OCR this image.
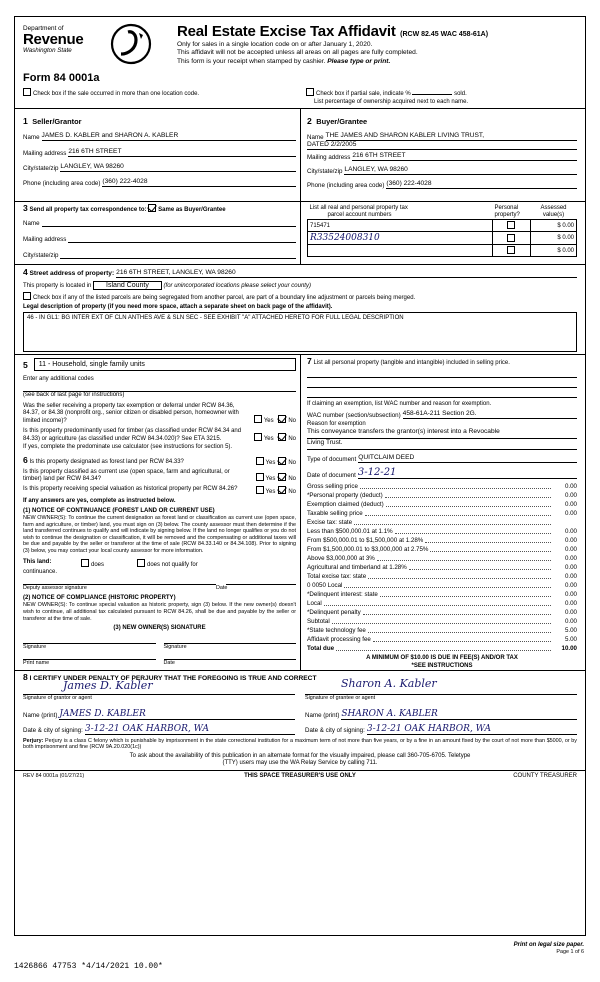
Department of
Revenue
Washington State
Real Estate Excise Tax Affidavit (RCW 82.45 WAC 458-61A)
Only for sales in a single location code on or after January 1, 2020.
This affidavit will not be accepted unless all areas on all pages are fully completed.
This form is your receipt when stamped by cashier. Please type or print.
Form 84 0001a
Check box if the sale occurred in more than one location code.	Check box if partial sale, indicate %	sold.
List percentage of ownership acquired next to each name.
1 Seller/Grantor
Name JAMES D. KABLER and SHARON A. KABLER
Mailing address 216 6TH STREET
City/state/zip LANGLEY, WA 98260
Phone (including area code) (360) 222-4028
2 Buyer/Grantee
Name THE JAMES AND SHARON KABLER LIVING TRUST,
DATED 2/2/2005
Mailing address 216 6TH STREET
City/state/zip LANGLEY, WA 98260
Phone (including area code) (360) 222-4028
3 Send all property tax correspondence to: Same as Buyer/Grantee
Name
Mailing address
City/state/zip
List all real and personal property tax
parcel account numbers	Personal
property?	Assessed
value(s)
715471		$ 0.00
R33524008310		$ 0.00
		$ 0.00
4 Street address of property: 216 6TH STREET, LANGLEY, WA 98260
This property is located in Island County (for unincorporated locations please select your county)
Check box if any of the listed parcels are being segregated from another parcel, are part of a boundary line adjustment or parcels being merged.
Legal description of property (if you need more space, attach a separate sheet on back page of the affidavit).
46 - IN GL1: BG INTER EXT OF CLN ANTHES AVE & SLN SEC - SEE EXHIBIT "A" ATTACHED HERETO FOR FULL LEGAL DESCRIPTION
5	11 - Household, single family units
Enter any additional codes
(see back of last page for instructions)
Was the seller receiving a property tax exemption or deferral under RCW 84.36, 84.37, or 84.38 (nonprofit org., senior citizen or disabled person, homeowner with limited income)?	Yes No
Is this property predominantly used for timber (as classified under RCW 84.34 and 84.33) or agriculture (as classified under RCW 84.34.020)? See ETA 3215.	Yes No
If yes, complete the predominate use calculator (see instructions for section 5).
6 Is this property designated as forest land per RCW 84.33?	Yes No
Is this property classified as current use (open space, farm and agricultural, or timber) land per RCW 84.34?	Yes No
Is this property receiving special valuation as historical property per RCW 84.26?	Yes No
If any answers are yes, complete as instructed below.
(1) NOTICE OF CONTINUANCE (FOREST LAND OR CURRENT USE)
NEW OWNER(S): To continue the current designation as forest land or classification as current use (open space, farm and agriculture, or timber) land, you must sign on (3) below. The county assessor must then determine if the land transferred continues to qualify and will indicate by signing below. If the land no longer qualifies or you do not wish to continue the designation or classification, it will be removed and the compensating or additional taxes will be due and payable by the seller or transferor at the time of sale (RCW 84.33.140 or 84.34.108). Prior to signing (3) below, you may contact your local county assessor for more information.
This land:	does	does not qualify for
continuance.
Deputy assessor signature	Date
(2) NOTICE OF COMPLIANCE (HISTORIC PROPERTY)
NEW OWNER(S): To continue special valuation as historic property, sign (3) below. If the new owner(s) doesn't wish to continue, all additional tax calculated pursuant to RCW 84.26, shall be due and payable by the seller or transferor at the time of sale.
(3) NEW OWNER(S) SIGNATURE
Signature	Signature
Print name	Date
7 List all personal property (tangible and intangible) included in selling price.
If claiming an exemption, list WAC number and reason for exemption.
WAC number (section/subsection) 458-61A-211 Section 2G.
Reason for exemption
This conveyance transfers the grantor(s) interest into a Revocable
Living Trust.
Type of document QUITCLAIM DEED
Date of document 3-12-21
Gross selling price	0.00
*Personal property (deduct)	0.00
Exemption claimed (deduct)	0.00
Taxable selling price	0.00
Excise tax: state
Less than $500,000.01 at 1.1%	0.00
From $500,000.01 to $1,500,000 at 1.28%	0.00
From $1,500,000.01 to $3,000,000 at 2.75%	0.00
Above $3,000,000 at 3%	0.00
Agricultural and timberland at 1.28%	0.00
Total excise tax: state	0.00
0 0050 Local	0.00
*Delinquent interest: state	0.00
Local	0.00
*Delinquent penalty	0.00
Subtotal	0.00
*State technology fee	5.00
Affidavit processing fee	5.00
Total due	10.00
A MINIMUM OF $10.00 IS DUE IN FEE(S) AND/OR TAX
*SEE INSTRUCTIONS
8 I CERTIFY UNDER PENALTY OF PERJURY THAT THE FOREGOING IS TRUE AND CORRECT
James D. Kabler
Signature of grantor or agent
Sharon A. Kabler
Signature of grantee or agent
Name (print) JAMES D. KABLER	Name (print) SHARON A. KABLER
Date & city of signing: 3-12-21 OAK HARBOR, WA	Date & city of signing: 3-12-21 OAK HARBOR, WA
Perjury: Perjury is a class C felony which is punishable by imprisonment in the state correctional institution for a maximum term of not more than five years, or by a fine in an amount fixed by the court of not more than $5000, or by both imprisonment and fine (RCW 9A.20.020(1c))
To ask about the availability of this publication in an alternate format for the visually impaired, please call 360-705-6705. Teletype
(TTY) users may use the WA Relay Service by calling 711.
REV 84 0001a (01/27/21)	THIS SPACE TREASURER'S USE ONLY	COUNTY TREASURER
Print on legal size paper.
Page 1 of 6
1426866 47753 *4/14/2021 10.00*
